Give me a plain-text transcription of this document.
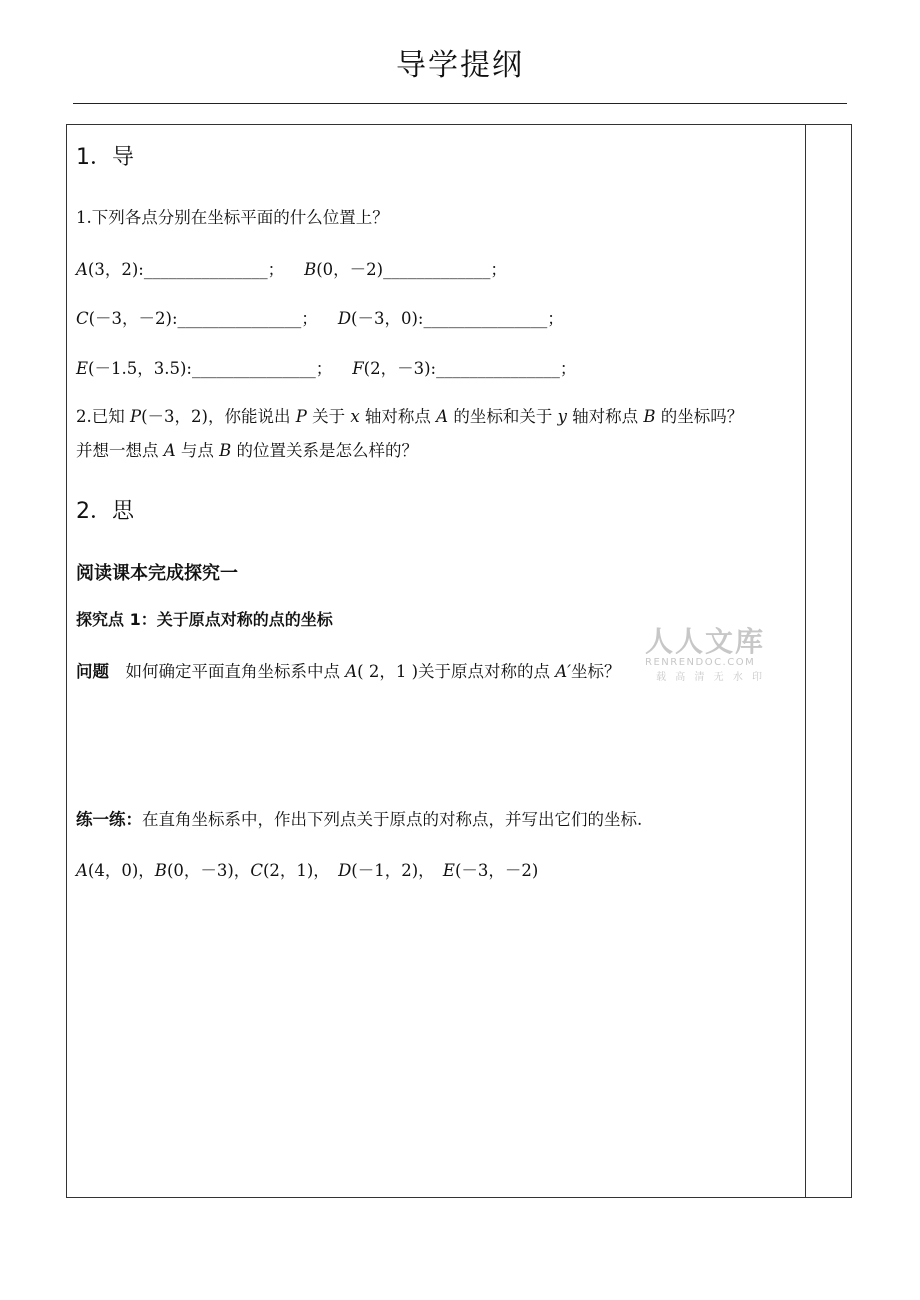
导学提纲
1．导
1.下列各点分别在坐标平面的什么位置上？
A(3，2):_______________； B(0，－2)_____________；
C(－3，－2):_______________； D(－3，0):_______________；
E(－1.5，3.5):_______________； F(2，－3):_______________；
2.已知 P(－3，2)，你能说出 P 关于 x 轴对称点 A 的坐标和关于 y 轴对称点 B 的坐标吗？
并想一想点 A 与点 B 的位置关系是怎么样的？
2．思
阅读课本完成探究一
探究点 1：关于原点对称的点的坐标
问题　如何确定平面直角坐标系中点 A( 2，1 )关于原点对称的点 A′坐标？
练一练：在直角坐标系中，作出下列点关于原点的对称点，并写出它们的坐标.
A(4，0)，B(0，－3)，C(2，1)，　D(－1，2)，　E(－3，－2)
人人文库
RENRENDOC.COM
载 高 清 无 水 印
